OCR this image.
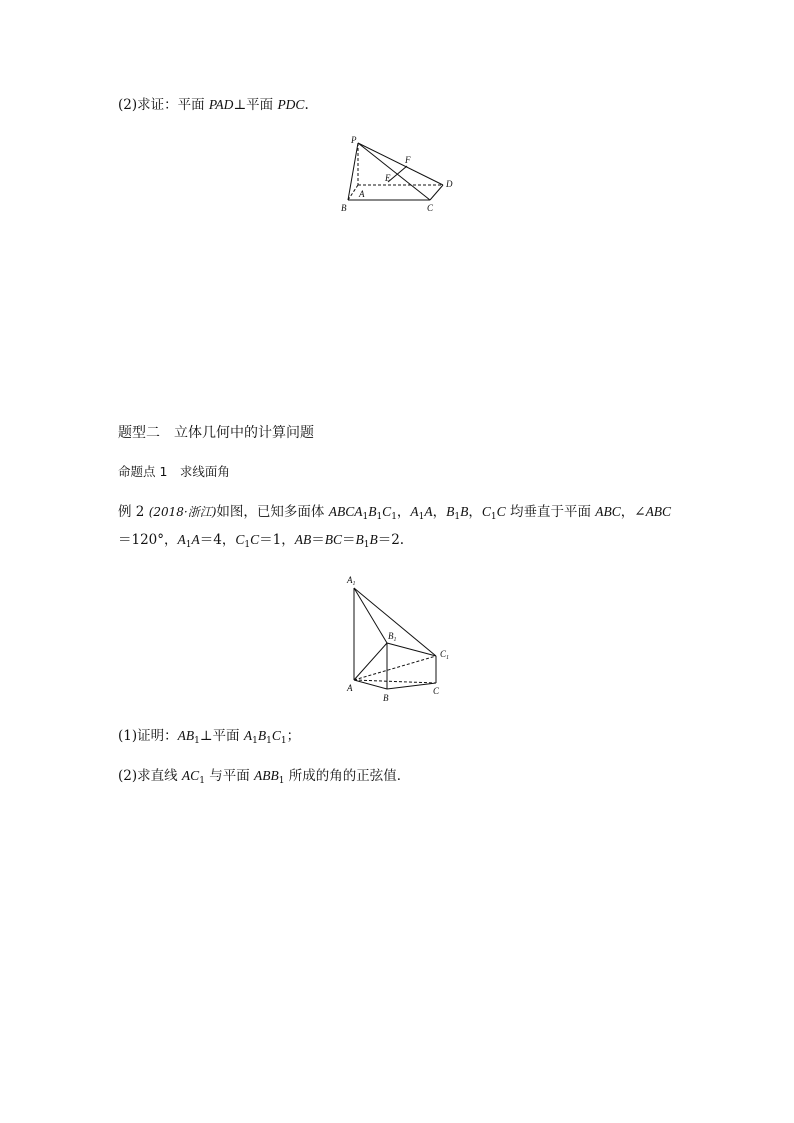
(2)求证：平面 PAD⊥平面 PDC.
P
F
E
D
A
B	C
题型二　立体几何中的计算问题
命题点 1　求线面角
例 2 (2018·浙江)如图，已知多面体 $ABCA_1B_1C_1$，$A_1A$，$B_1B$，$C_1C$ 均垂直于平面 ABC，∠ABC
＝120°，$A_1A=4$，$C_1C=1$，$AB=BC=B_1B=2$.
$A_1$
$B_1$
$C_1$
A
B
C
(1)证明：$AB_1\perp$平面 $A_1B_1C_1$；
(2)求直线 $AC_1$ 与平面 $ABB_1$ 所成的角的正弦值．
